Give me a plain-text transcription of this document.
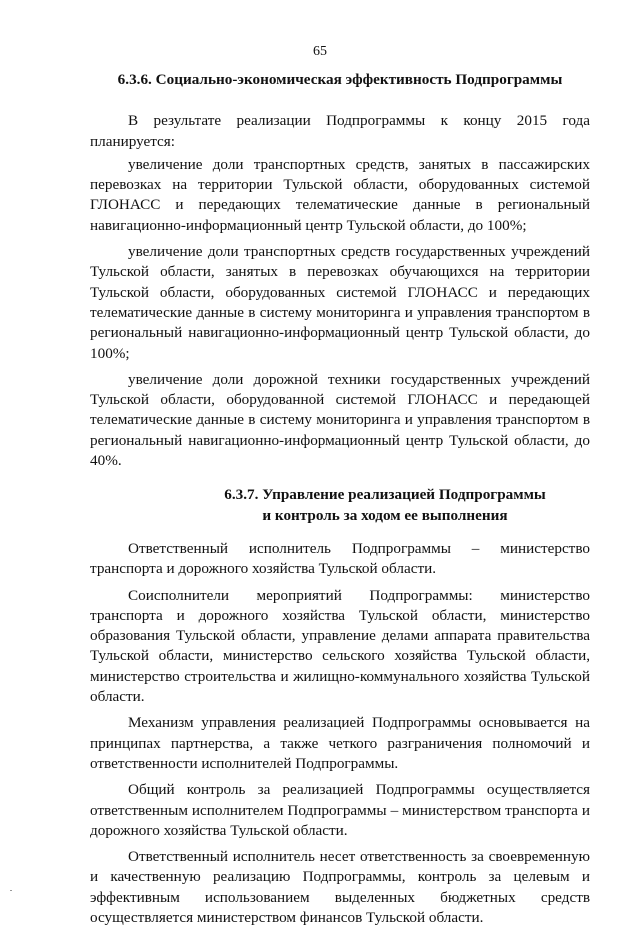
65
6.3.6. Социально-экономическая эффективность Подпрограммы

В результате реализации Подпрограммы к концу 2015 года

планируется:

увеличение доли транспортных средств, занятых в пассажирских перевозках на территории Тульской области, оборудованных системой ГЛОНАСС и передающих телематические данные в региональный навигационно-информационный центр Тульской области, до 100%;

увеличение доли транспортных средств государственных учреждений Тульской области, занятых в перевозках обучающихся на территории Тульской области, оборудованных системой ГЛОНАСС и передающих телематические данные в систему мониторинга и управления транспортом в региональный навигационно-информационный центр Тульской области, до 100%;

увеличение доли дорожной техники государственных учреждений Тульской области, оборудованной системой ГЛОНАСС и передающей телематические данные в систему мониторинга и управления транспортом в региональный навигационно-информационный центр Тульской области, до 40%.

6.3.7. Управление реализацией Подпрограммы
и контроль за ходом ее выполнения

Ответственный исполнитель Подпрограммы – министерство транспорта и дорожного хозяйства Тульской области.

Соисполнители мероприятий Подпрограммы: министерство транспорта и дорожного хозяйства Тульской области, министерство образования Тульской области, управление делами аппарата правительства Тульской области, министерство сельского хозяйства Тульской области, министерство строительства и жилищно-коммунального хозяйства Тульской области.

Механизм управления реализацией Подпрограммы основывается на принципах партнерства, а также четкого разграничения полномочий и ответственности исполнителей Подпрограммы.

Общий контроль за реализацией Подпрограммы осуществляется ответственным исполнителем Подпрограммы – министерством транспорта и дорожного хозяйства Тульской области.

Ответственный исполнитель несет ответственность за своевременную и качественную реализацию Подпрограммы, контроль за целевым и эффективным использованием выделенных бюджетных средств осуществляется министерством финансов Тульской области.
